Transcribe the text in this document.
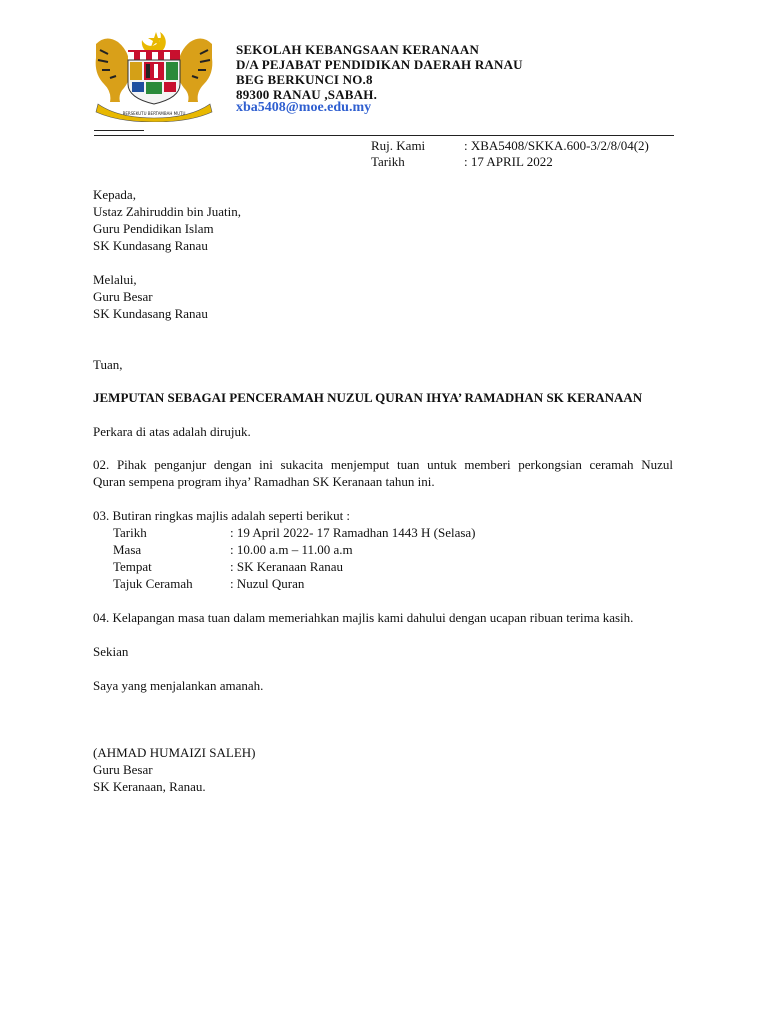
BERSEKUTU BERTAMBAH MUTU
SEKOLAH KEBANGSAAN KERANAAN
D/A PEJABAT PENDIDIKAN DAERAH RANAU
BEG BERKUNCI NO.8
89300 RANAU ,SABAH.
xba5408@moe.edu.my
Ruj. Kami	: XBA5408/SKKA.600-3/2/8/04(2)
Tarikh	: 17 APRIL 2022
Kepada,
Ustaz Zahiruddin bin Juatin,
Guru Pendidikan Islam
SK Kundasang Ranau
Melalui,
Guru Besar
SK Kundasang Ranau
Tuan,
JEMPUTAN SEBAGAI PENCERAMAH NUZUL QURAN IHYA’ RAMADHAN SK KERANAAN
Perkara di atas adalah dirujuk.
02. Pihak penganjur dengan ini sukacita menjemput tuan untuk memberi perkongsian ceramah Nuzul
Quran sempena program ihya’ Ramadhan SK Keranaan tahun ini.
03. Butiran ringkas majlis adalah seperti berikut :
Tarikh	: 19 April 2022- 17 Ramadhan 1443 H (Selasa)
Masa	: 10.00 a.m – 11.00 a.m
Tempat	: SK Keranaan Ranau
Tajuk Ceramah	: Nuzul Quran
04. Kelapangan masa tuan dalam memeriahkan majlis kami dahului dengan ucapan ribuan terima kasih.
Sekian
Saya yang menjalankan amanah.
(AHMAD HUMAIZI SALEH)
Guru Besar
SK Keranaan, Ranau.
